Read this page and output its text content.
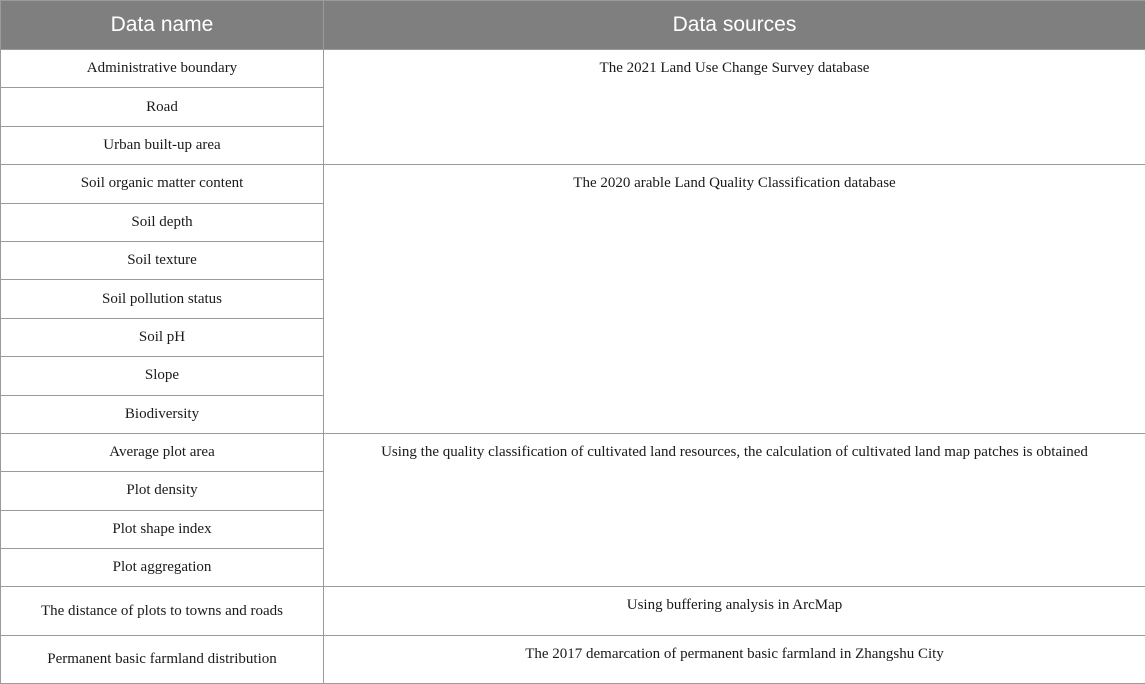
Data name	Data sources
Administrative boundary	The 2021 Land Use Change Survey database
Road	
Urban built-up area	
Soil organic matter content	The 2020 arable Land Quality Classification database
Soil depth	
Soil texture	
Soil pollution status	
Soil pH	
Slope	
Biodiversity	
Average plot area	Using the quality classification of cultivated land resources, the calculation of cultivated land map patches is obtained
Plot density	
Plot shape index	
Plot aggregation	
The distance of plots to towns and roads	Using buffering analysis in ArcMap
Permanent basic farmland distribution	The 2017 demarcation of permanent basic farmland in Zhangshu City
